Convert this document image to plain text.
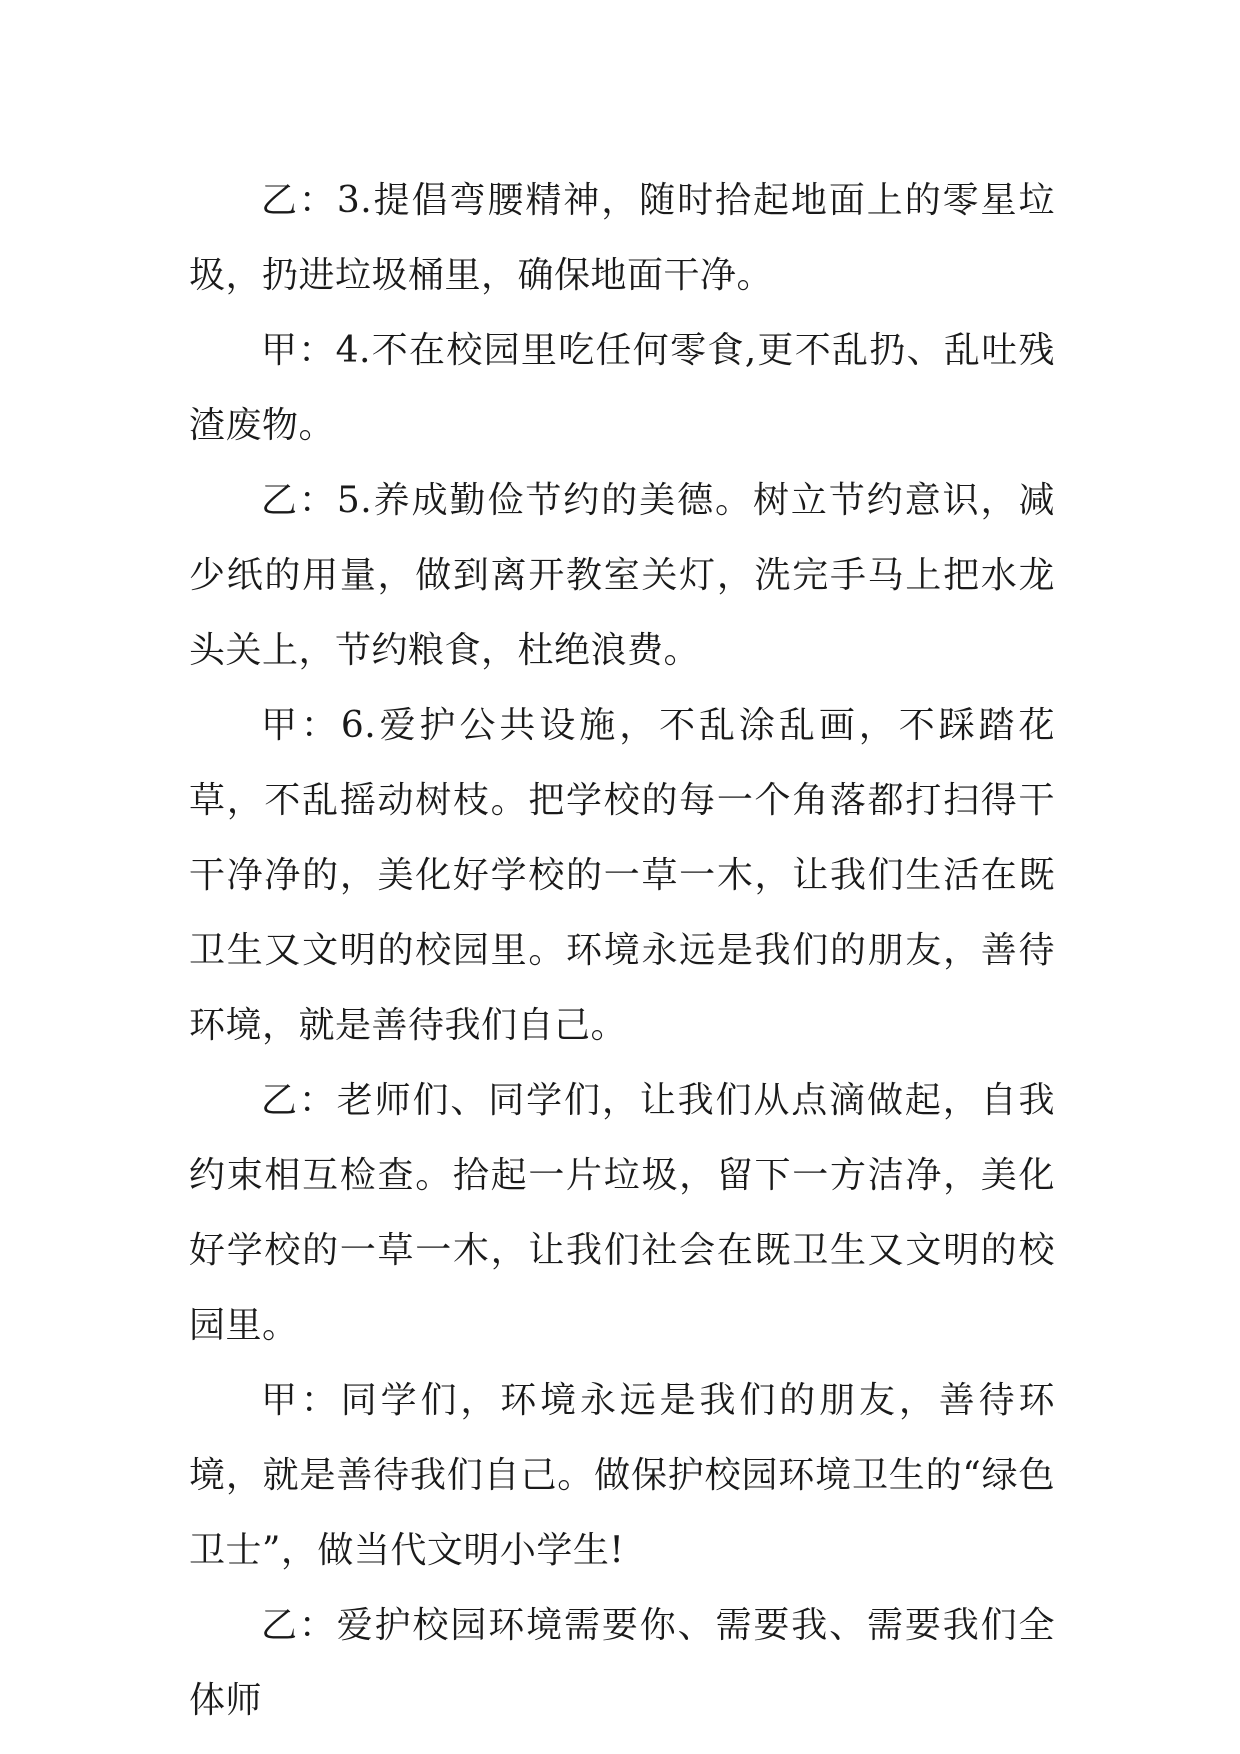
乙：3.提倡弯腰精神，随时拾起地面上的零星垃圾，扔进垃圾桶里，确保地面干净。

甲：4.不在校园里吃任何零食,更不乱扔、乱吐残渣废物。

乙：5.养成勤俭节约的美德。树立节约意识，减少纸的用量，做到离开教室关灯，洗完手马上把水龙头关上，节约粮食，杜绝浪费。

甲：6.爱护公共设施，不乱涂乱画，不踩踏花草，不乱摇动树枝。把学校的每一个角落都打扫得干干净净的，美化好学校的一草一木，让我们生活在既卫生又文明的校园里。环境永远是我们的朋友，善待环境，就是善待我们自己。

乙：老师们、同学们，让我们从点滴做起，自我约束相互检查。拾起一片垃圾，留下一方洁净，美化好学校的一草一木，让我们社会在既卫生又文明的校园里。

甲：同学们，环境永远是我们的朋友，善待环境，就是善待我们自己。做保护校园环境卫生的“绿色卫士”，做当代文明小学生!

乙：爱护校园环境需要你、需要我、需要我们全体师
